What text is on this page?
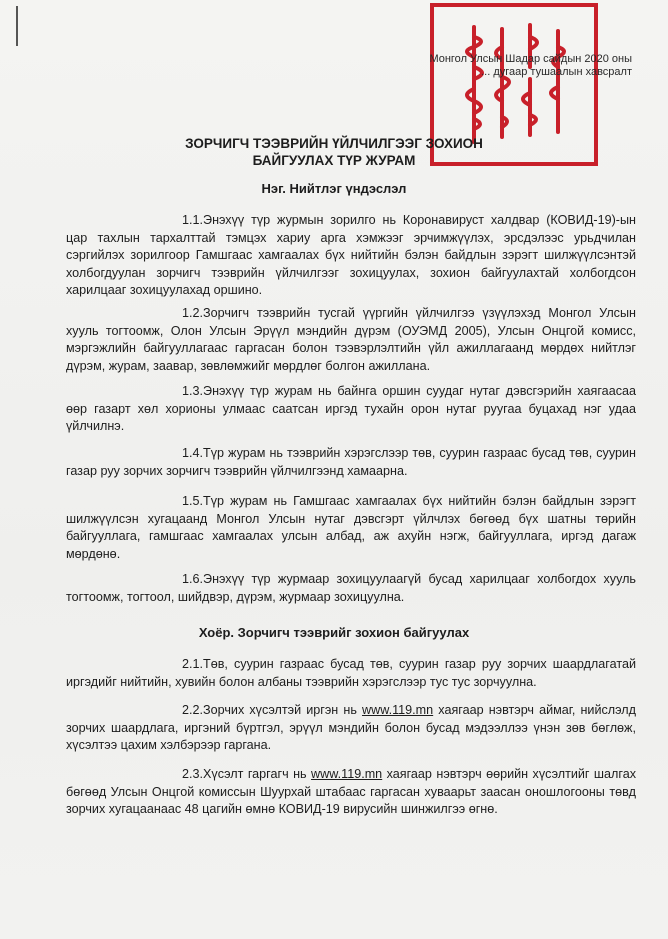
Монгол Улсын Шадар сайдын 2020 оны
... дугаар тушаалын хавсралт
ЗОРЧИГЧ ТЭЭВРИЙН ҮЙЛЧИЛГЭЭГ ЗОХИОН
БАЙГУУЛАХ ТҮР ЖУРАМ
Нэг. Нийтлэг үндэслэл
1.1.Энэхүү түр журмын зорилго нь Коронавируст халдвар (КОВИД-19)-ын цар тахлын тархалттай тэмцэх хариу арга хэмжээг эрчимжүүлэх, эрсдэлээс урьдчилан сэргийлэх зорилгоор Гамшгаас хамгаалах бүх нийтийн бэлэн байдлын зэрэгт шилжүүлсэнтэй холбогдуулан зорчигч тээврийн үйлчилгээг зохицуулах, зохион байгуулахтай холбогдсон харилцааг зохицуулахад оршино.
1.2.Зорчигч тээврийн тусгай үүргийн үйлчилгээ үзүүлэхэд Монгол Улсын хууль тогтоомж, Олон Улсын Эрүүл мэндийн дүрэм (ОУЭМД 2005), Улсын Онцгой комисс, мэргэжлийн байгууллагаас гаргасан болон тээвэрлэлтийн үйл ажиллагаанд мөрдөх нийтлэг дүрэм, журам, заавар, зөвлөмжийг мөрдлөг болгон ажиллана.
1.3.Энэхүү түр журам нь байнга оршин суудаг нутаг дэвсгэрийн хаягаасаа өөр газарт хөл хорионы улмаас саатсан иргэд тухайн орон нутаг руугаа буцахад нэг удаа үйлчилнэ.
1.4.Түр журам нь тээврийн хэрэгслээр төв, суурин газраас бусад төв, суурин газар руу зорчих зорчигч тээврийн үйлчилгээнд хамаарна.
1.5.Түр журам нь Гамшгаас хамгаалах бүх нийтийн бэлэн байдлын зэрэгт шилжүүлсэн хугацаанд Монгол Улсын нутаг дэвсгэрт үйлчлэх бөгөөд бүх шатны төрийн байгууллага, гамшгаас хамгаалах улсын албад, аж ахуйн нэгж, байгууллага, иргэд дагаж мөрдөнө.
1.6.Энэхүү түр журмаар зохицуулаагүй бусад харилцааг холбогдох хууль тогтоомж, тогтоол, шийдвэр, дүрэм, журмаар зохицуулна.
Хоёр. Зорчигч тээврийг зохион байгуулах
2.1.Төв, суурин газраас бусад төв, суурин газар руу зорчих шаардлагатай иргэдийг нийтийн, хувийн болон албаны тээврийн хэрэгслээр тус тус зорчуулна.
2.2.Зорчих хүсэлтэй иргэн нь www.119.mn хаягаар нэвтэрч аймаг, нийслэлд зорчих шаардлага, иргэний бүртгэл, эрүүл мэндийн болон бусад мэдээллээ үнэн зөв бөглөж, хүсэлтээ цахим хэлбэрээр гаргана.
2.3.Хүсэлт гаргагч нь www.119.mn хаягаар нэвтэрч өөрийн хүсэлтийг шалгах бөгөөд Улсын Онцгой комиссын Шуурхай штабаас гаргасан хуваарьт заасан оношлогооны төвд зорчих хугацаанаас 48 цагийн өмнө КОВИД-19 вирусийн шинжилгээ өгнө.
